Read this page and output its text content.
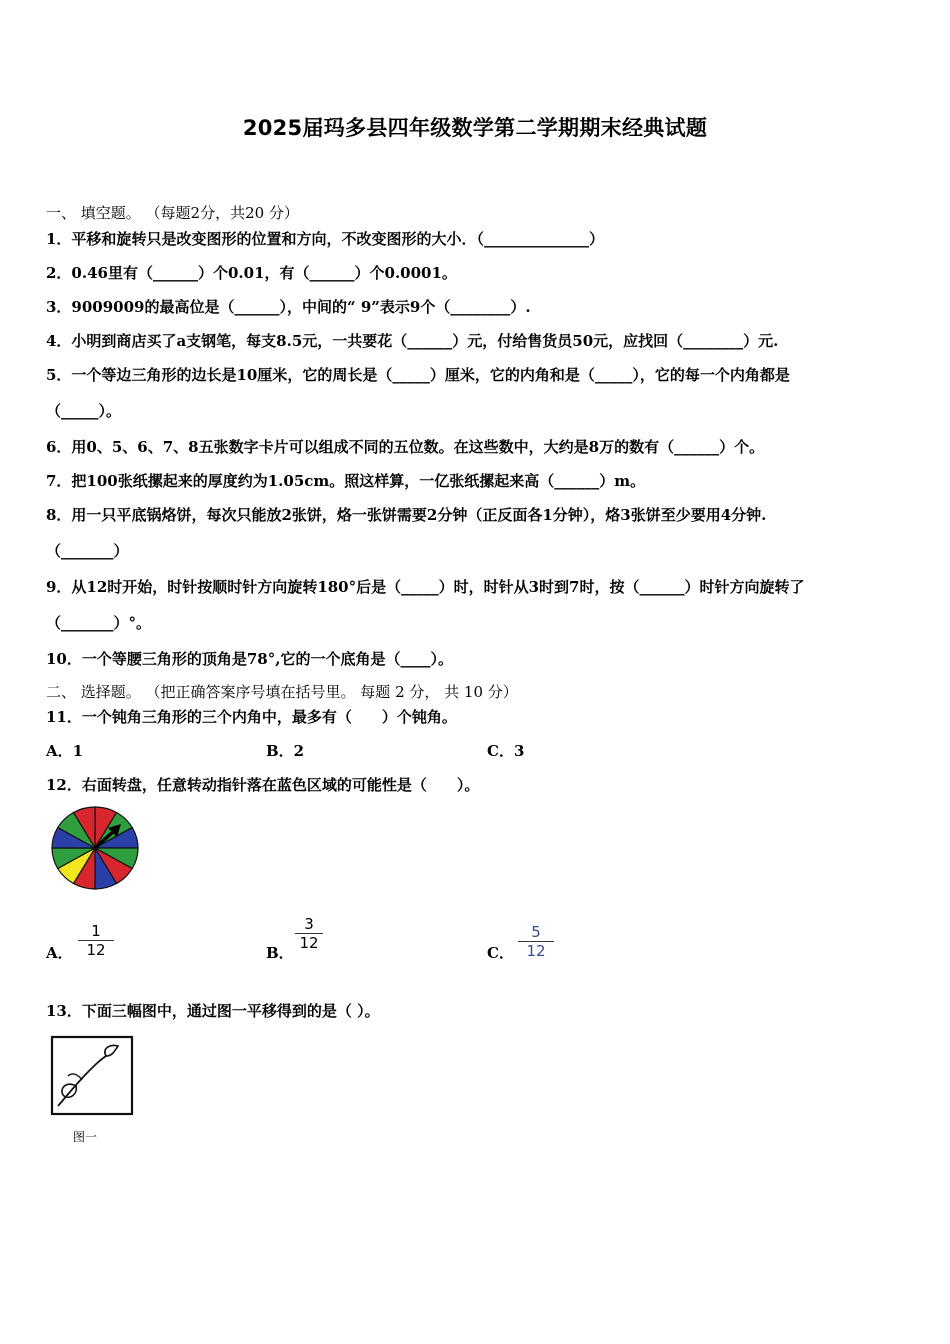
2025届玛多县四年级数学第二学期期末经典试题
一、 填空题。 （每题2分，共20 分）
1．平移和旋转只是改变图形的位置和方向，不改变图形的大小．（______________）
2．0.46里有（______）个0.01，有（______）个0.0001。
3．9009009的最高位是（______），中间的“ 9”表示9个（________）.
4．小明到商店买了a支钢笔，每支8.5元，一共要花（______）元，付给售货员50元，应找回（________）元.
5．一个等边三角形的边长是10厘米，它的周长是（_____）厘米，它的内角和是（_____），它的每一个内角都是
（_____）。
6．用0、5、6、7、8五张数字卡片可以组成不同的五位数。在这些数中，大约是8万的数有（______）个。
7．把100张纸摞起来的厚度约为1.05cm。照这样算，一亿张纸摞起来高（______）m。
8．用一只平底锅烙饼，每次只能放2张饼，烙一张饼需要2分钟（正反面各1分钟），烙3张饼至少要用4分钟.
（_______）
9．从12时开始，时针按顺时针方向旋转180°后是（_____）时，时针从3时到7时，按（______）时针方向旋转了
（_______）°。
10．一个等腰三角形的顶角是78°,它的一个底角是（____）。
二、 选择题。 （把正确答案序号填在括号里。 每题 2 分， 共 10 分）
11．一个钝角三角形的三个内角中，最多有（　　）个钝角。
A．1	B．2	C．3
12．右面转盘，任意转动指针落在蓝色区域的可能性是（　　）。
A．
1
12	B．
3
12
C．
5
12
13．下面三幅图中，通过图一平移得到的是（ ）。
图一
